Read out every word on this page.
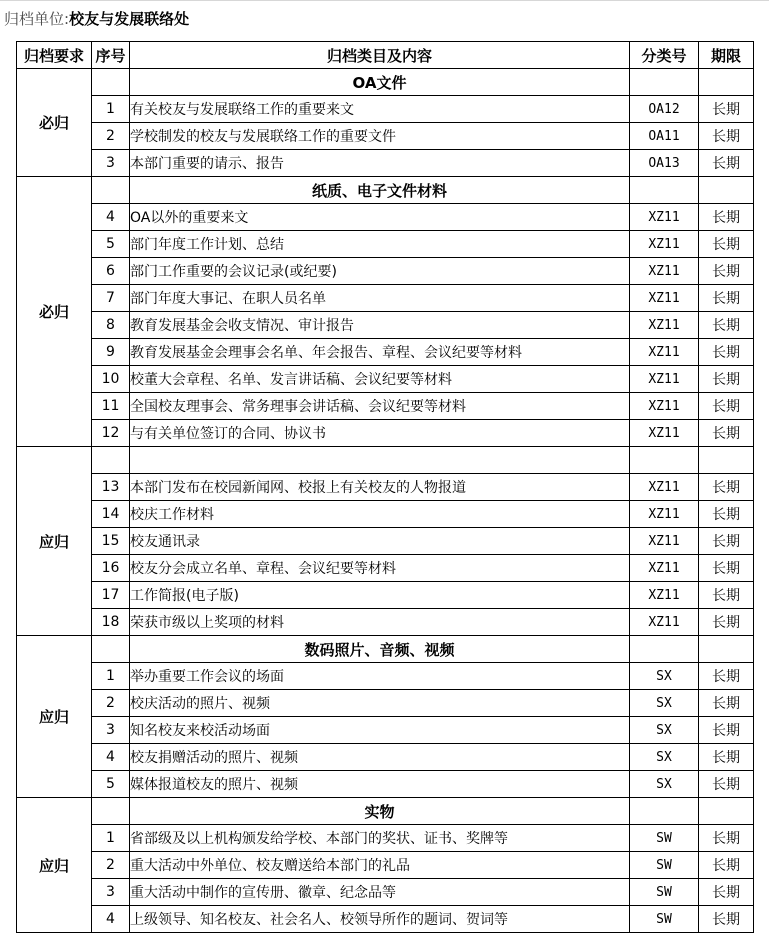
归档单位:校友与发展联络处
归档要求	序号	归档类目及内容	分类号	期限
必归		OA文件		
	1	有关校友与发展联络工作的重要来文	OA12	长期
	2	学校制发的校友与发展联络工作的重要文件	OA11	长期
	3	本部门重要的请示、报告	OA13	长期
必归		纸质、电子文件材料		
	4	OA以外的重要来文	XZ11	长期
	5	部门年度工作计划、总结	XZ11	长期
	6	部门工作重要的会议记录(或纪要)	XZ11	长期
	7	部门年度大事记、在职人员名单	XZ11	长期
	8	教育发展基金会收支情况、审计报告	XZ11	长期
	9	教育发展基金会理事会名单、年会报告、章程、会议纪要等材料	XZ11	长期
	10	校董大会章程、名单、发言讲话稿、会议纪要等材料	XZ11	长期
	11	全国校友理事会、常务理事会讲话稿、会议纪要等材料	XZ11	长期
	12	与有关单位签订的合同、协议书	XZ11	长期
应归				
	13	本部门发布在校园新闻网、校报上有关校友的人物报道	XZ11	长期
	14	校庆工作材料	XZ11	长期
	15	校友通讯录	XZ11	长期
	16	校友分会成立名单、章程、会议纪要等材料	XZ11	长期
	17	工作简报(电子版)	XZ11	长期
	18	荣获市级以上奖项的材料	XZ11	长期
应归		数码照片、音频、视频		
	1	举办重要工作会议的场面	SX	长期
	2	校庆活动的照片、视频	SX	长期
	3	知名校友来校活动场面	SX	长期
	4	校友捐赠活动的照片、视频	SX	长期
	5	媒体报道校友的照片、视频	SX	长期
应归		实物		
	1	省部级及以上机构颁发给学校、本部门的奖状、证书、奖牌等	SW	长期
	2	重大活动中外单位、校友赠送给本部门的礼品	SW	长期
	3	重大活动中制作的宣传册、徽章、纪念品等	SW	长期
	4	上级领导、知名校友、社会名人、校领导所作的题词、贺词等	SW	长期
